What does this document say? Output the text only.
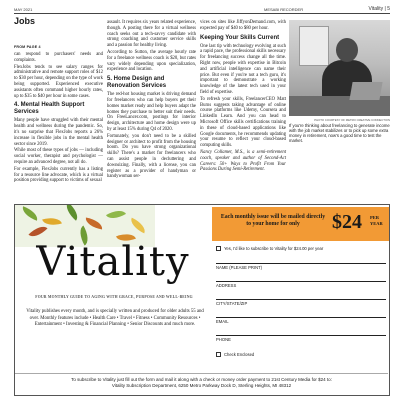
MAY 2021	Vitality | 5
MESABI RECORDER
Jobs
FROM PAGE 4

can respond to purchasers' needs and complaints.

FlexJobs tends to see salary ranges for administrative and remote support roles of $12 to $30 per hour, depending on the type of work being supported. Experienced executive assistants often command higher hourly rates, up to $35 to $40 per hour in some cases.

4. Mental Health Support Services

Many people have struggled with their mental health and wellness during the pandemic. So, it's no surprise that FlexJobs reports a 26% increase in flexible jobs in the mental health sector since 2019.

While most of these types of jobs — including social worker, therapist and psychologist — require an advanced degree, not all do.

For example, FlexJobs currently has a listing for a resource line advocate, which is a virtual position providing support to victims of sexual

assault. It requires six years related experience, though. A posting there for a virtual wellness coach seeks out a tech-savvy candidate with strong coaching and customer service skills and a passion for healthy living.

According to Sutton, the average hourly rate for a freelance wellness coach is $20, but rates vary widely depending upon specialization, experience and location.

5. Home Design and Renovation Services

The red-hot housing market is driving demand for freelancers who can help buyers get their homes market ready and help buyers adapt the homes they purchase to better suit their needs. On FreeLancer.com, postings for interior design, architecture and home design were up by at least 15% during Q4 of 2020.

Fortunately, you don't need to be a skilled designer or architect to profit from the housing boom. Do you have strong organizational skills? There's a market for freelancers who can assist people in decluttering and downsizing. Finally, with a license, you can register as a provider of handyman or handywoman ser-

vices on sites like JiffyonDemand.com, with expected pay of $40 to $80 per hour.

Keeping Your Skills Current

One last tip with technology evolving at such a rapid pace, the professional skills necessary for freelancing success change all the time. Right now, people with expertise in Bitcoin and artificial intelligence can name their price. But even if you're not a tech guru, it's important to demonstrate a working knowledge of the latest tech used in your field of expertise.

To refresh your skills, FreelancerCEO Matt Burns suggests taking advantage of online course platforms like Udemy, Coursera and LinkedIn Learn. And you can head to Microsoft Office skills certifications training in these of cloud-based applications like Google documents, he recommends updating your resume to reflect your cloud-based computing skills.

Nancy Collamer, M.S., is a semi-retirement coach, speaker and author of Second-Act Careers: 50+ Ways to Profit From Your Passions During Semi-Retirement.

PHOTO COURTESY OF METRO CREATIVE CONNECTION
If you're thinking about freelancing to generate income with the job market stabilizes or to pick up some extra money in retirement, now's a good time to test the market.
Vitality
FOUR MONTHLY GUIDE TO AGING WITH GRACE, PURPOSE AND WELL-BEING
Vitality publishes every month, and is specially written and produced for older adults 55 and over. Monthly features include • Health Care • Travel • Fitness • Community Resources • Entertainment • Investing & Financial Planning • Senior Discounts and much more.
Each monthly issue will be mailed directly to your home for only	$24 PER YEAR
Yes, I'd like to subscribe to Vitality for $24.00 per year
NAME (PLEASE PRINT)
ADDRESS
CITY/STATE/ZIP
EMAIL
PHONE
Check Enclosed
To subscribe to Vitality just fill out the form and mail it along with a check or money order payment to 21st Century Media for $24 to:
Vitality Subscription Department, 6250 Metro Parkway Dock D, Sterling Heights, MI 48312
